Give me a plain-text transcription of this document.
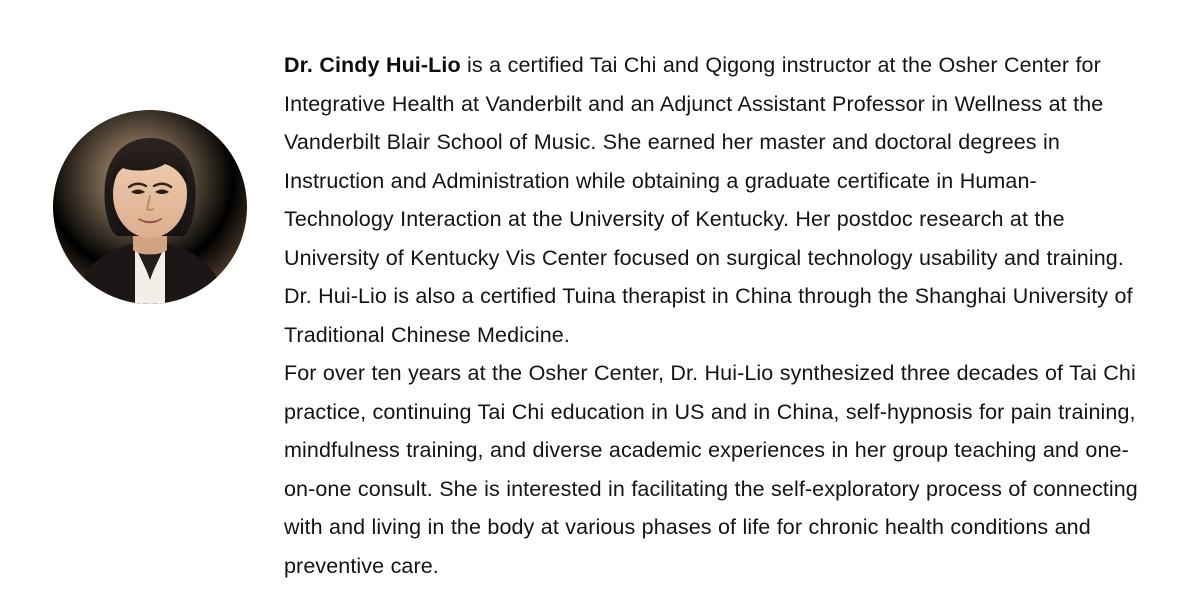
Dr. Cindy Hui-Lio is a certified Tai Chi and Qigong instructor at the Osher Center for Integrative Health at Vanderbilt and an Adjunct Assistant Professor in Wellness at the Vanderbilt Blair School of Music. She earned her master and doctoral degrees in Instruction and Administration while obtaining a graduate certificate in Human-Technology Interaction at the University of Kentucky. Her postdoc research at the University of Kentucky Vis Center focused on surgical technology usability and training. Dr. Hui-Lio is also a certified Tuina therapist in China through the Shanghai University of Traditional Chinese Medicine.

For over ten years at the Osher Center, Dr. Hui-Lio synthesized three decades of Tai Chi practice, continuing Tai Chi education in US and in China, self-hypnosis for pain training, mindfulness training, and diverse academic experiences in her group teaching and one-on-one consult. She is interested in facilitating the self-exploratory process of connecting with and living in the body at various phases of life for chronic health conditions and preventive care.
